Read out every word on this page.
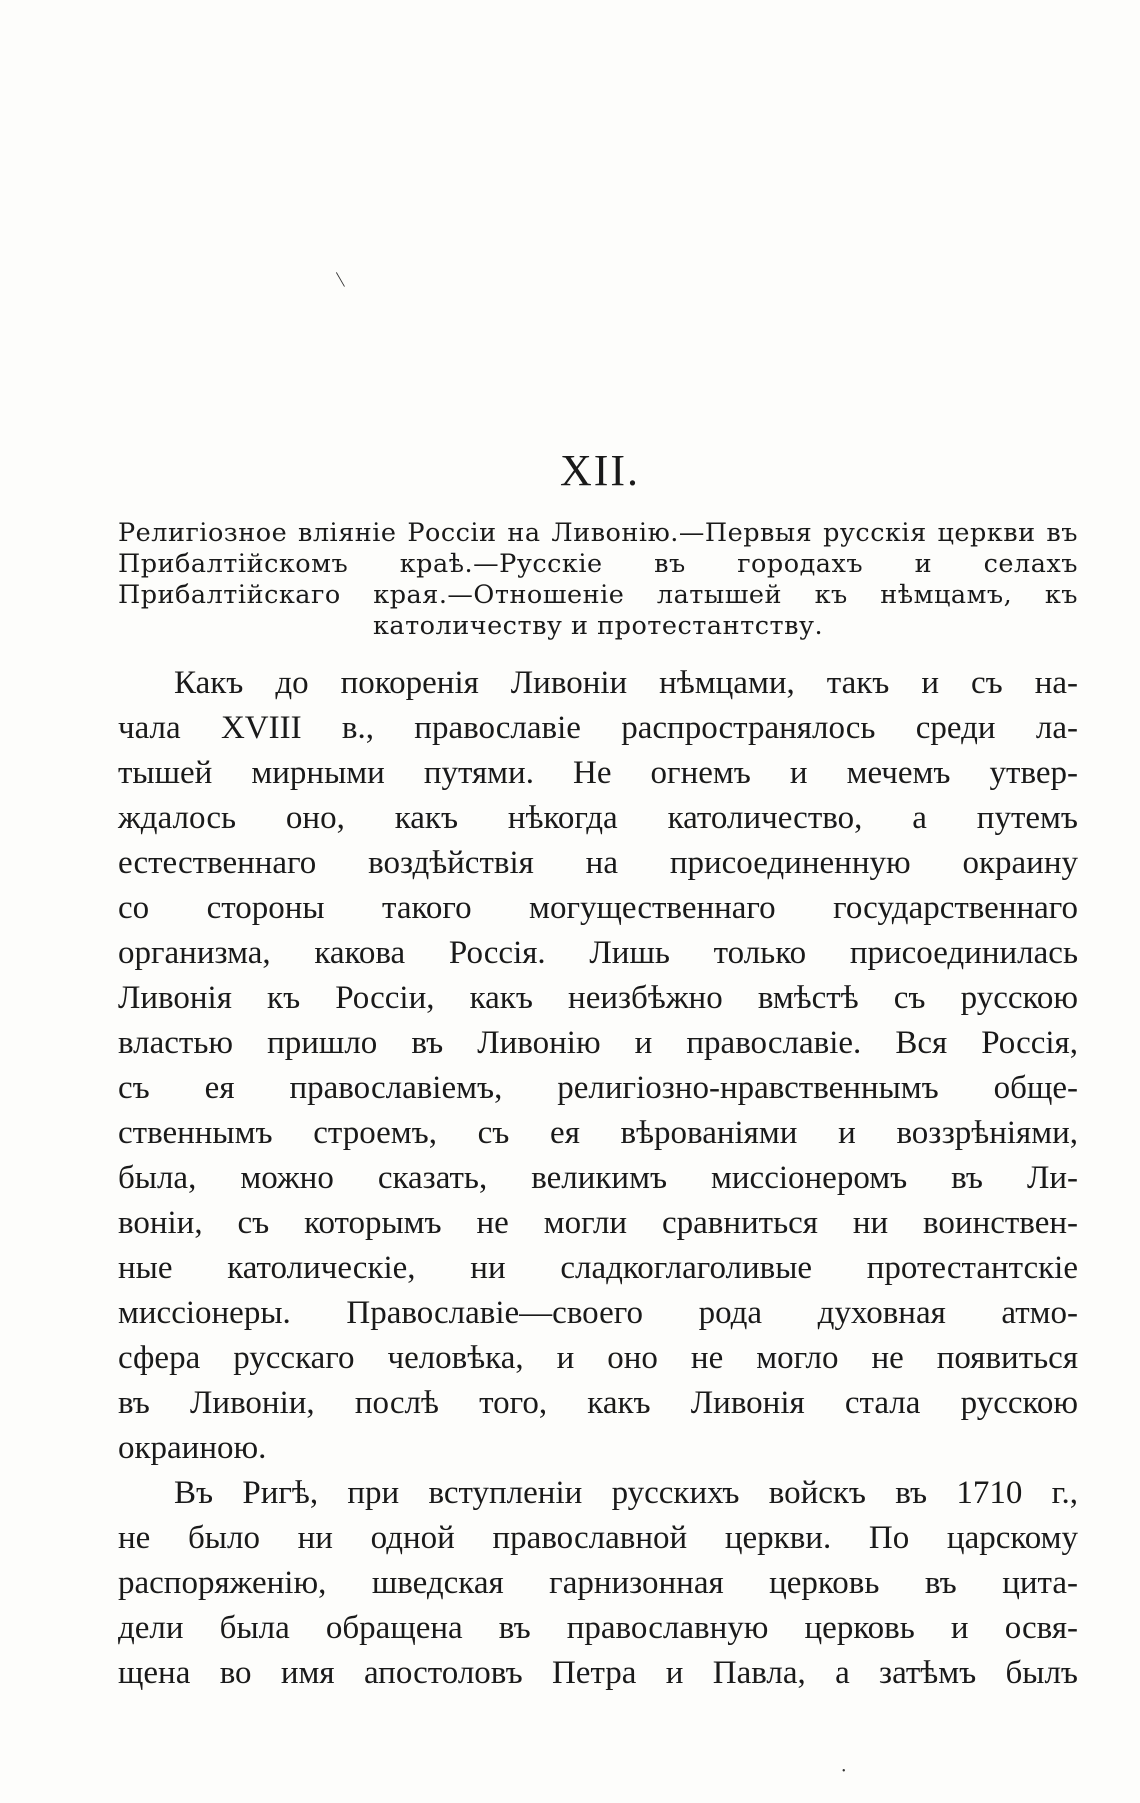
|
XII.
Религіозное вліяніе Россіи на Ливонію.—Первыя русскія церкви въ Прибалтійскомъ краѣ.—Русскіе въ городахъ и селахъ Прибалтійскаго края.—Отношеніе латышей къ нѣмцамъ, къ католичеству и протестантству.
Какъ до покоренія Ливоніи нѣмцами, такъ и съ на-
чала XVIII в., православіе распространялось среди ла-
тышей мирными путями. Не огнемъ и мечемъ утвер-
ждалось оно, какъ нѣкогда католичество, а путемъ
естественнаго воздѣйствія на присоединенную окраину
со стороны такого могущественнаго государственнаго
организма, какова Россія. Лишь только присоединилась
Ливонія къ Россіи, какъ неизбѣжно вмѣстѣ съ русскою
властью пришло въ Ливонію и православіе. Вся Россія,
съ ея православіемъ, религіозно-нравственнымъ обще-
ственнымъ строемъ, съ ея вѣрованіями и воззрѣніями,
была, можно сказать, великимъ миссіонеромъ въ Ли-
воніи, съ которымъ не могли сравниться ни воинствен-
ные католическіе, ни сладкоглаголивые протестантскіе
миссіонеры. Православіе—своего рода духовная атмо-
сфера русскаго человѣка, и оно не могло не появиться
въ Ливоніи, послѣ того, какъ Ливонія стала русскою
окраиною.
Въ Ригѣ, при вступленіи русскихъ войскъ въ 1710 г.,
не было ни одной православной церкви. По царскому
распоряженію, шведская гарнизонная церковь въ цита-
дели была обращена въ православную церковь и освя-
щена во имя апостоловъ Петра и Павла, а затѣмъ былъ
•
